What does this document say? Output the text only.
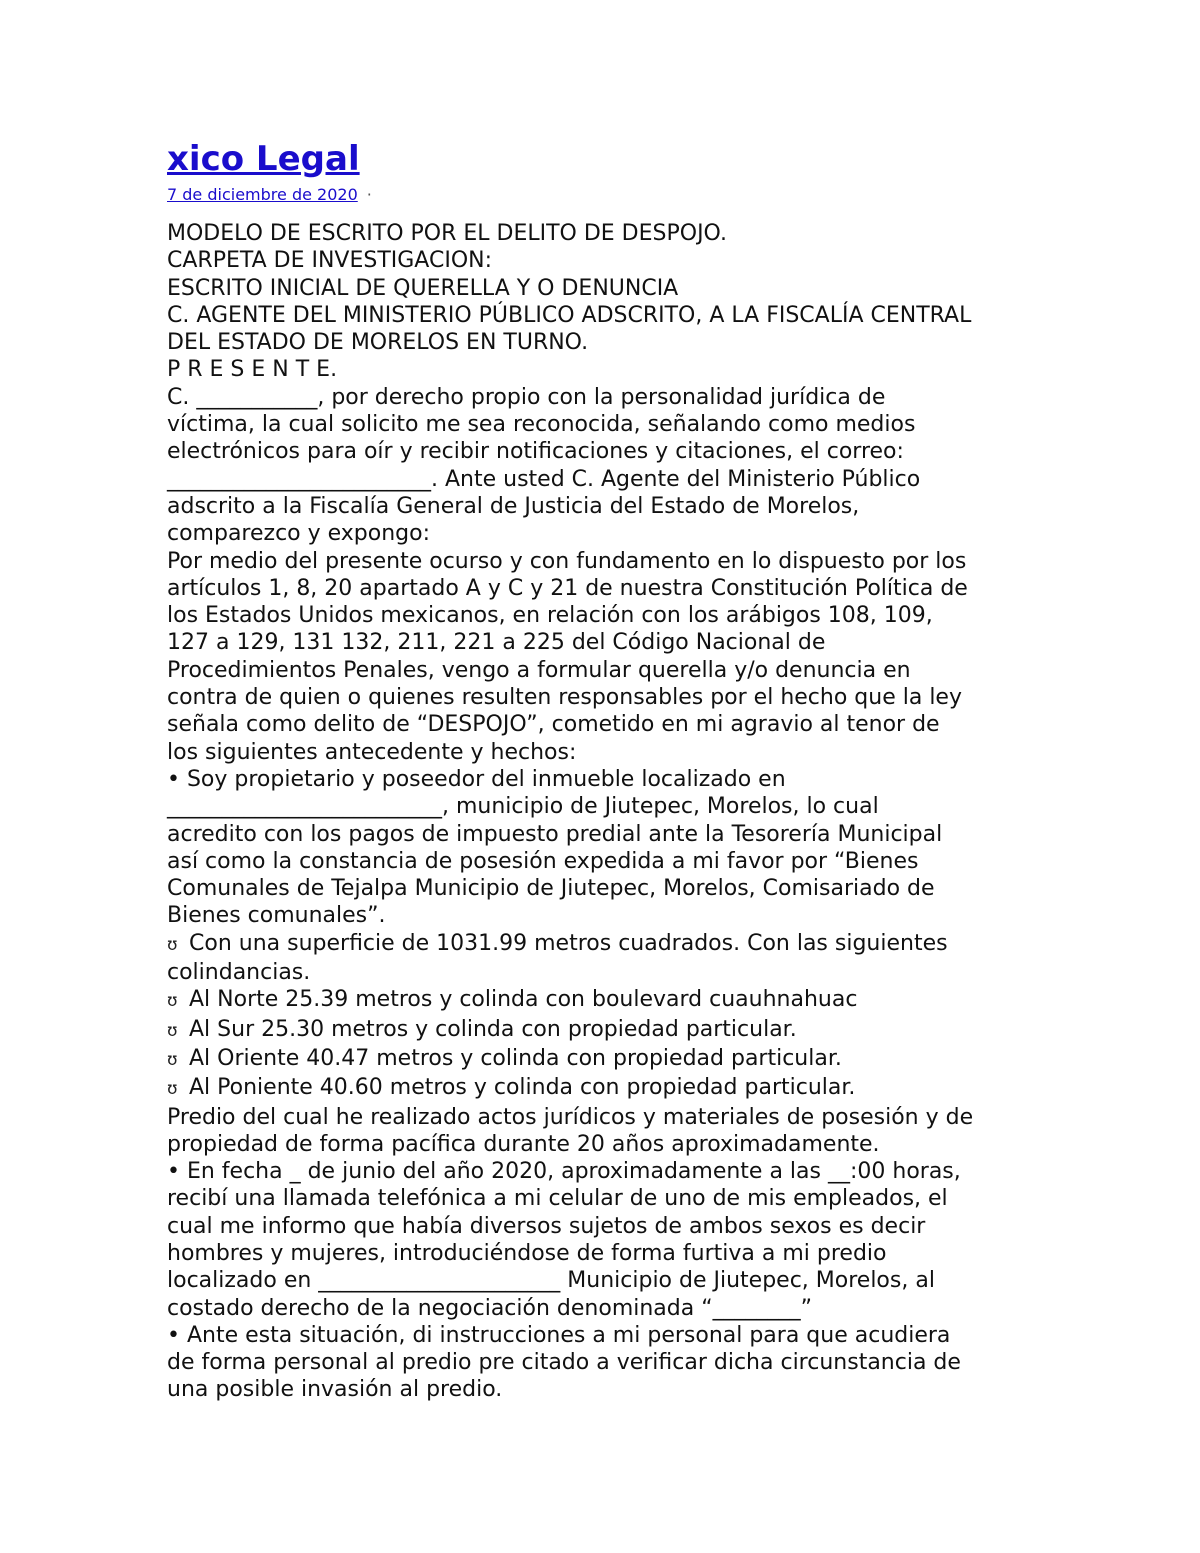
xico Legal
7 de diciembre de 2020 ·
MODELO DE ESCRITO POR EL DELITO DE DESPOJO.
CARPETA DE INVESTIGACION:
ESCRITO INICIAL DE QUERELLA Y O DENUNCIA
C. AGENTE DEL MINISTERIO PÚBLICO ADSCRITO, A LA FISCALÍA CENTRAL
DEL ESTADO DE MORELOS EN TURNO.
P R E S E N T E.
C. ___________, por derecho propio con la personalidad jurídica de
víctima, la cual solicito me sea reconocida, señalando como medios
electrónicos para oír y recibir notificaciones y citaciones, el correo:
________________________. Ante usted C. Agente del Ministerio Público
adscrito a la Fiscalía General de Justicia del Estado de Morelos,
comparezco y expongo:
Por medio del presente ocurso y con fundamento en lo dispuesto por los
artículos 1, 8, 20 apartado A y C y 21 de nuestra Constitución Política de
los Estados Unidos mexicanos, en relación con los arábigos 108, 109,
127 a 129, 131 132, 211, 221 a 225 del Código Nacional de
Procedimientos Penales, vengo a formular querella y/o denuncia en
contra de quien o quienes resulten responsables por el hecho que la ley
señala como delito de “DESPOJO”, cometido en mi agravio al tenor de
los siguientes antecedente y hechos:
• Soy propietario y poseedor del inmueble localizado en
_________________________, municipio de Jiutepec, Morelos, lo cual
acredito con los pagos de impuesto predial ante la Tesorería Municipal
así como la constancia de posesión expedida a mi favor por “Bienes
Comunales de Tejalpa Municipio de Jiutepec, Morelos, Comisariado de
Bienes comunales”.
ʊ Con una superficie de 1031.99 metros cuadrados. Con las siguientes
colindancias.
ʊ Al Norte 25.39 metros y colinda con boulevard cuauhnahuac
ʊ Al Sur 25.30 metros y colinda con propiedad particular.
ʊ Al Oriente 40.47 metros y colinda con propiedad particular.
ʊ Al Poniente 40.60 metros y colinda con propiedad particular.
Predio del cual he realizado actos jurídicos y materiales de posesión y de
propiedad de forma pacífica durante 20 años aproximadamente.
• En fecha _ de junio del año 2020, aproximadamente a las __:00 horas,
recibí una llamada telefónica a mi celular de uno de mis empleados, el
cual me informo que había diversos sujetos de ambos sexos es decir
hombres y mujeres, introduciéndose de forma furtiva a mi predio
localizado en ______________________ Municipio de Jiutepec, Morelos, al
costado derecho de la negociación denominada “________”
• Ante esta situación, di instrucciones a mi personal para que acudiera
de forma personal al predio pre citado a verificar dicha circunstancia de
una posible invasión al predio.
